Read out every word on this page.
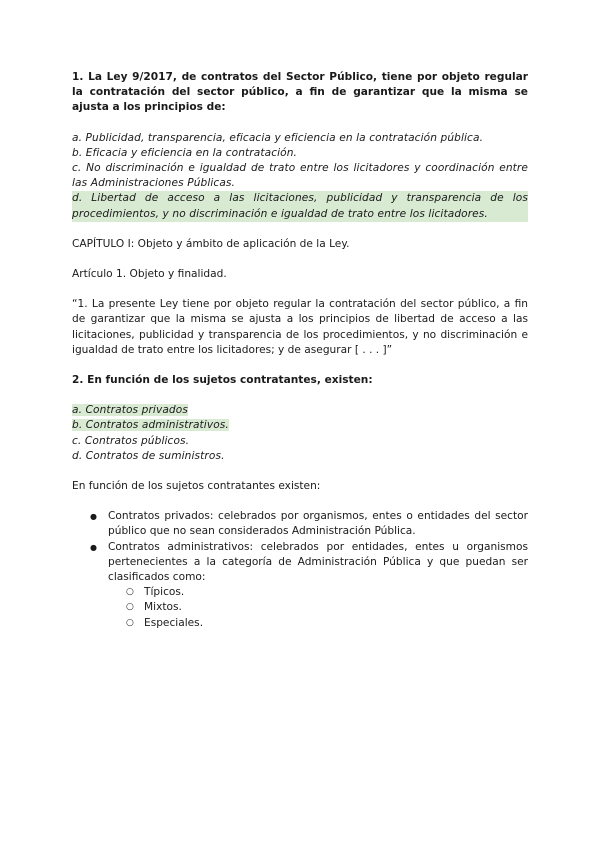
1. La Ley 9/2017, de contratos del Sector Público, tiene por objeto regular la contratación del sector público, a fin de garantizar que la misma se ajusta a los principios de:

a. Publicidad, transparencia, eficacia y eficiencia en la contratación pública.
b. Eficacia y eficiencia en la contratación.
c. No discriminación e igualdad de trato entre los licitadores y coordinación entre las Administraciones Públicas.
d. Libertad de acceso a las licitaciones, publicidad y transparencia de los procedimientos, y no discriminación e igualdad de trato entre los licitadores.

CAPÍTULO I: Objeto y ámbito de aplicación de la Ley.

Artículo 1. Objeto y finalidad.

“1. La presente Ley tiene por objeto regular la contratación del sector público, a fin de garantizar que la misma se ajusta a los principios de libertad de acceso a las licitaciones, publicidad y transparencia de los procedimientos, y no discriminación e igualdad de trato entre los licitadores; y de asegurar [ . . . ]”

2. En función de los sujetos contratantes, existen:

a. Contratos privados
b. Contratos administrativos.
c. Contratos públicos.
d. Contratos de suministros.

En función de los sujetos contratantes existen:

● Contratos privados: celebrados por organismos, entes o entidades del sector público que no sean considerados Administración Pública.
● Contratos administrativos: celebrados por entidades, entes u organismos pertenecientes a la categoría de Administración Pública y que puedan ser clasificados como:
○ Típicos.
○ Mixtos.
○ Especiales.
